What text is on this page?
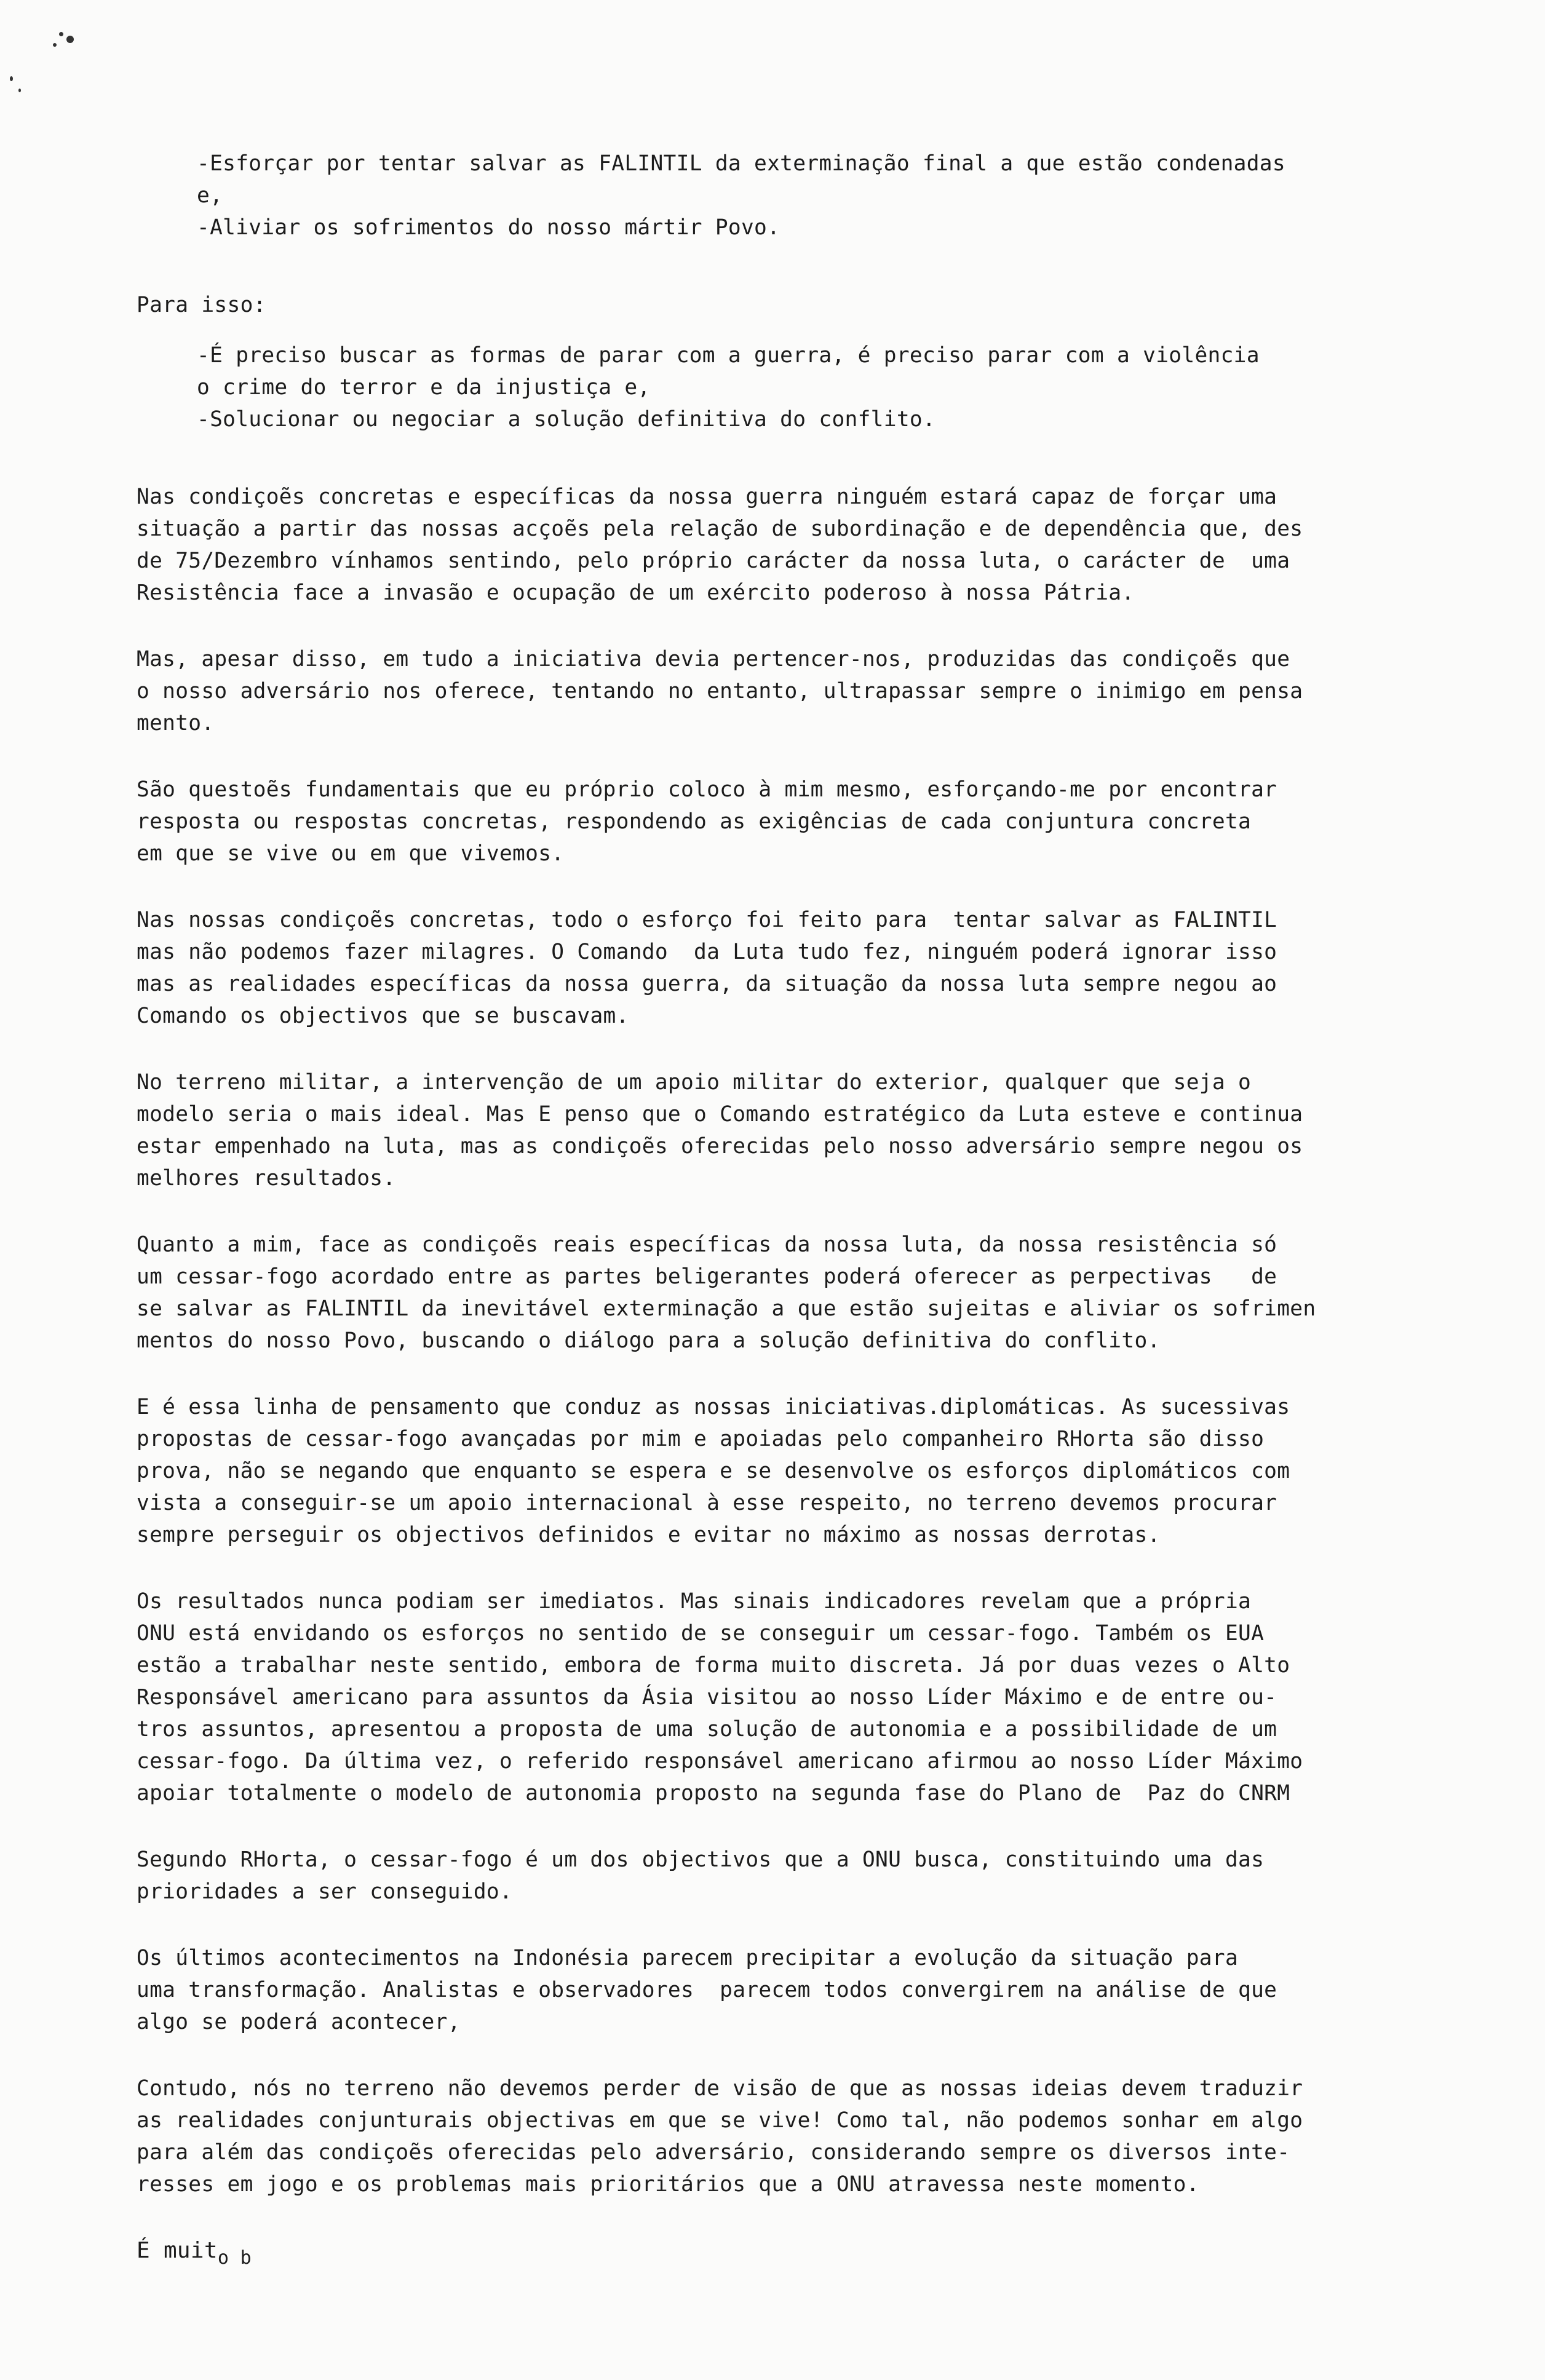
-Esforçar por tentar salvar as FALINTIL da exterminação final a que estão condenadas
e,

-Aliviar os sofrimentos do nosso mártir Povo.

Para isso:

-É preciso buscar as formas de parar com a guerra, é preciso parar com a violência
o crime do terror e da injustiça e,

-Solucionar ou negociar a solução definitiva do conflito.

Nas condiçoẽs concretas e específicas da nossa guerra ninguém estará capaz de forçar uma
situação a partir das nossas acçoẽs pela relação de subordinação e de dependência que, des
de 75/Dezembro vínhamos sentindo, pelo próprio carácter da nossa luta, o carácter de  uma
Resistência face a invasão e ocupação de um exército poderoso à nossa Pátria.

Mas, apesar disso, em tudo a iniciativa devia pertencer-nos, produzidas das condiçoẽs que
o nosso adversário nos oferece, tentando no entanto, ultrapassar sempre o inimigo em pensa
mento.

São questoẽs fundamentais que eu próprio coloco à mim mesmo, esforçando-me por encontrar
resposta ou respostas concretas, respondendo as exigências de cada conjuntura concreta
em que se vive ou em que vivemos.

Nas nossas condiçoẽs concretas, todo o esforço foi feito para  tentar salvar as FALINTIL
mas não podemos fazer milagres. O Comando  da Luta tudo fez, ninguém poderá ignorar isso
mas as realidades específicas da nossa guerra, da situação da nossa luta sempre negou ao
Comando os objectivos que se buscavam.

No terreno militar, a intervenção de um apoio militar do exterior, qualquer que seja o
modelo seria o mais ideal. Mas E penso que o Comando estratégico da Luta esteve e continua
estar empenhado na luta, mas as condiçoẽs oferecidas pelo nosso adversário sempre negou os
melhores resultados.

Quanto a mim, face as condiçoẽs reais específicas da nossa luta, da nossa resistência só
um cessar-fogo acordado entre as partes beligerantes poderá oferecer as perpectivas   de
se salvar as FALINTIL da inevitável exterminação a que estão sujeitas e aliviar os sofrimen
mentos do nosso Povo, buscando o diálogo para a solução definitiva do conflito.

E é essa linha de pensamento que conduz as nossas iniciativas.diplomáticas. As sucessivas
propostas de cessar-fogo avançadas por mim e apoiadas pelo companheiro RHorta são disso
prova, não se negando que enquanto se espera e se desenvolve os esforços diplomáticos com
vista a conseguir-se um apoio internacional à esse respeito, no terreno devemos procurar
sempre perseguir os objectivos definidos e evitar no máximo as nossas derrotas.

Os resultados nunca podiam ser imediatos. Mas sinais indicadores revelam que a própria
ONU está envidando os esforços no sentido de se conseguir um cessar-fogo. Também os EUA
estão a trabalhar neste sentido, embora de forma muito discreta. Já por duas vezes o Alto
Responsável americano para assuntos da Ásia visitou ao nosso Líder Máximo e de entre ou-
tros assuntos, apresentou a proposta de uma solução de autonomia e a possibilidade de um
cessar-fogo. Da última vez, o referido responsável americano afirmou ao nosso Líder Máximo
apoiar totalmente o modelo de autonomia proposto na segunda fase do Plano de  Paz do CNRM

Segundo RHorta, o cessar-fogo é um dos objectivos que a ONU busca, constituindo uma das
prioridades a ser conseguido.

Os últimos acontecimentos na Indonésia parecem precipitar a evolução da situação para
uma transformação. Analistas e observadores  parecem todos convergirem na análise de que
algo se poderá acontecer,

Contudo, nós no terreno não devemos perder de visão de que as nossas ideias devem traduzir
as realidades conjunturais objectivas em que se vive! Como tal, não podemos sonhar em algo
para além das condiçoẽs oferecidas pelo adversário, considerando sempre os diversos inte-
resses em jogo e os problemas mais prioritários que a ONU atravessa neste momento.

É muit$_{o b}$
